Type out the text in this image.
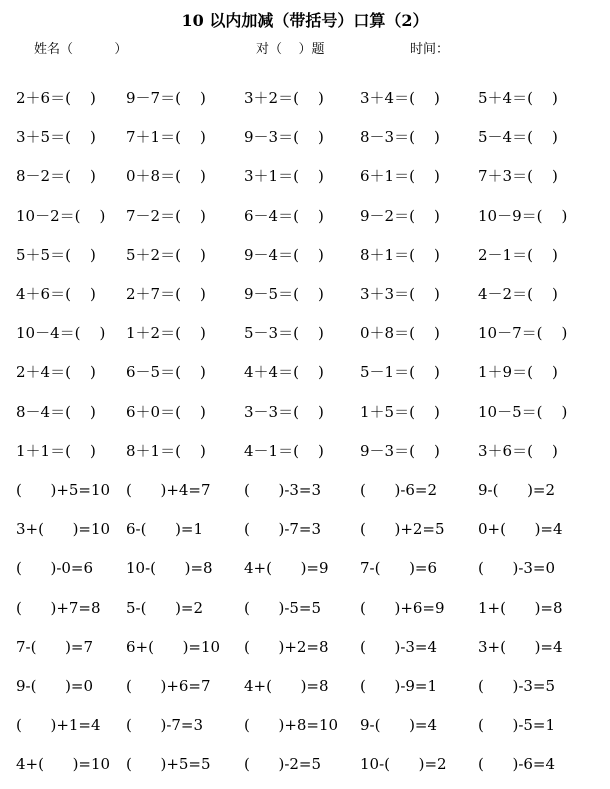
10 以内加减（带括号）口算（2）
姓名（          ）	对（    ）题	时间：
2＋6＝(    ) 9－7＝(    )	3＋2＝(    ) 3＋4＝(    )	5＋4＝(    )
3＋5＝(    ) 7＋1＝(    )	9－3＝(    ) 8－3＝(    )	5－4＝(    )
8－2＝(    ) 0＋8＝(    )	3＋1＝(    ) 6＋1＝(    )	7＋3＝(    )
10－2＝(    ) 7－2＝(    )	6－4＝(    ) 9－2＝(    )	10－9＝(    )
5＋5＝(    ) 5＋2＝(    )	9－4＝(    ) 8＋1＝(    )	2－1＝(    )
4＋6＝(    ) 2＋7＝(    )	9－5＝(    ) 3＋3＝(    )	4－2＝(    )
10－4＝(    ) 1＋2＝(    )	5－3＝(    ) 0＋8＝(    )	10－7＝(    )
2＋4＝(    ) 6－5＝(    )	4＋4＝(    ) 5－1＝(    )	1＋9＝(    )
8－4＝(    ) 6＋0＝(    )	3－3＝(    ) 1＋5＝(    )	10－5＝(    )
1＋1＝(    ) 8＋1＝(    )	4－1＝(    ) 9－3＝(    )	3＋6＝(    )
(      )+5=10 (      )+4=7 (      )-3=3	(      )-6=2	9-(      )=2
3+(      )=10 6-(      )=1	(      )-7=3	(      )+2=5 0+(      )=4
(      )-0=6 10-(      )=8 4+(      )=9 7-(      )=6	(      )-3=0
(      )+7=8 5-(      )=2	(      )-5=5	(      )+6=9 1+(      )=8
7-(      )=7 6+(      )=10 (      )+2=8 (      )-3=4	3+(      )=4
9-(      )=0 (      )+6=7 4+(      )=8 (      )-9=1	(      )-3=5
(      )+1=4 (      )-7=3	(      )+8=10 9-(      )=4	(      )-5=1
4+(      )=10 (      )+5=5 (      )-2=5	10-(      )=2 (      )-6=4
